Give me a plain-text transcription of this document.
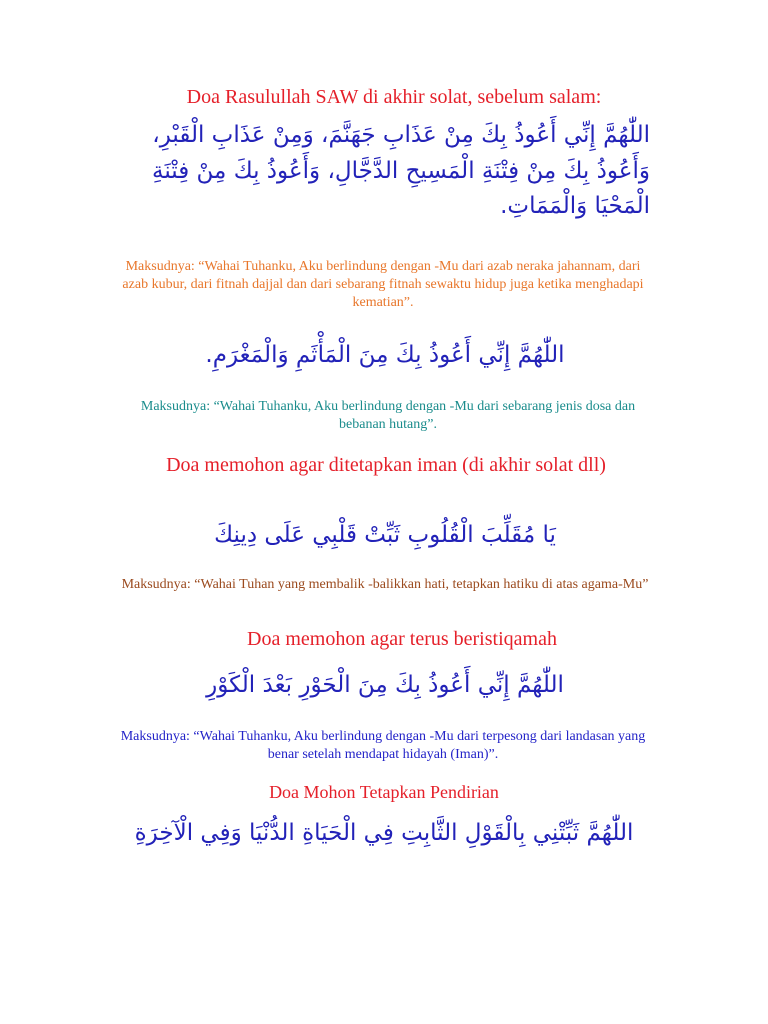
Doa Rasulullah SAW di akhir solat, sebelum salam:
اللّٰهُمَّ إِنِّي أَعُوذُ بِكَ مِنْ عَذَابِ جَهَنَّمَ، وَمِنْ عَذَابِ الْقَبْرِ، وَأَعُوذُ بِكَ مِنْ فِتْنَةِ الْمَسِيحِ الدَّجَّالِ، وَأَعُوذُ بِكَ مِنْ فِتْنَةِ الْمَحْيَا وَالْمَمَاتِ.
Maksudnya: “Wahai Tuhanku, Aku berlindung dengan -Mu dari azab neraka jahannam, dari azab kubur, dari fitnah dajjal dan dari sebarang fitnah sewaktu hidup juga ketika menghadapi kematian”.
اللّٰهُمَّ إِنِّي أَعُوذُ بِكَ مِنَ الْمَأْثَمِ وَالْمَغْرَمِ.
Maksudnya: “Wahai Tuhanku, Aku berlindung dengan -Mu dari sebarang jenis dosa dan bebanan hutang”.
Doa memohon agar ditetapkan iman (di akhir solat dll)
يَا مُقَلِّبَ الْقُلُوبِ ثَبِّتْ قَلْبِي عَلَى دِينِكَ
Maksudnya: “Wahai Tuhan yang membalik -balikkan hati, tetapkan hatiku di atas agama-Mu”
Doa memohon agar terus beristiqamah
اللّٰهُمَّ إِنِّي أَعُوذُ بِكَ مِنَ الْحَوْرِ بَعْدَ الْكَوْرِ
Maksudnya: “Wahai Tuhanku, Aku berlindung dengan -Mu dari terpesong dari landasan yang benar setelah mendapat hidayah (Iman)”.
Doa Mohon Tetapkan Pendirian
اللّٰهُمَّ ثَبِّتْنِي بِالْقَوْلِ الثَّابِتِ فِي الْحَيَاةِ الدُّنْيَا وَفِي الْآخِرَةِ
